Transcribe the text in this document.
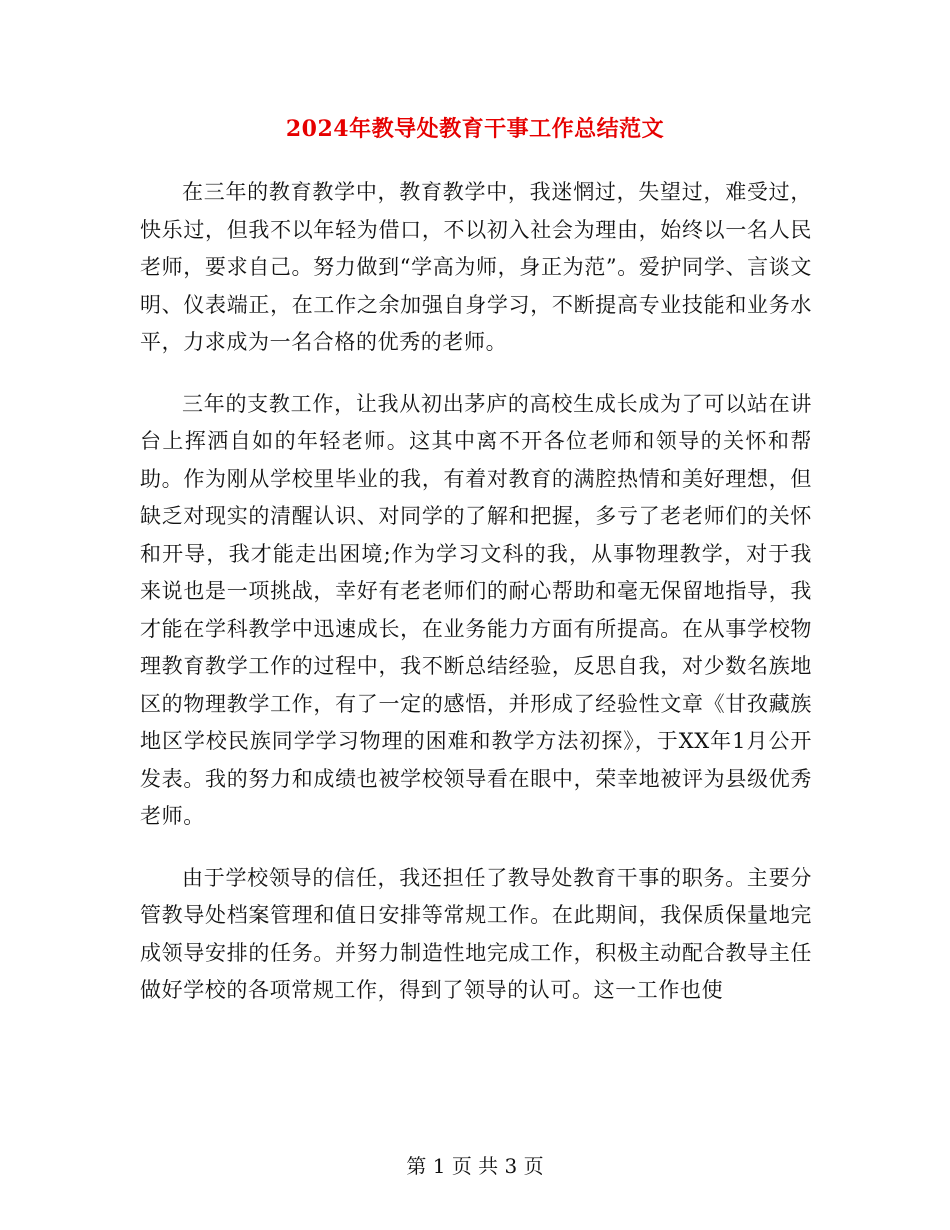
2024年教导处教育干事工作总结范文

在三年的教育教学中，教育教学中，我迷惘过，失望过，难受过，快乐过，但我不以年轻为借口，不以初入社会为理由，始终以一名人民老师，要求自己。努力做到“学高为师，身正为范”。爱护同学、言谈文明、仪表端正，在工作之余加强自身学习，不断提高专业技能和业务水平，力求成为一名合格的优秀的老师。

三年的支教工作，让我从初出茅庐的高校生成长成为了可以站在讲台上挥洒自如的年轻老师。这其中离不开各位老师和领导的关怀和帮助。作为刚从学校里毕业的我，有着对教育的满腔热情和美好理想，但缺乏对现实的清醒认识、对同学的了解和把握，多亏了老老师们的关怀和开导，我才能走出困境;作为学习文科的我，从事物理教学，对于我来说也是一项挑战，幸好有老老师们的耐心帮助和毫无保留地指导，我才能在学科教学中迅速成长，在业务能力方面有所提高。在从事学校物理教育教学工作的过程中，我不断总结经验，反思自我，对少数名族地区的物理教学工作，有了一定的感悟，并形成了经验性文章《甘孜藏族地区学校民族同学学习物理的困难和教学方法初探》，于XX年1月公开发表。我的努力和成绩也被学校领导看在眼中，荣幸地被评为县级优秀老师。

由于学校领导的信任，我还担任了教导处教育干事的职务。主要分管教导处档案管理和值日安排等常规工作。在此期间，我保质保量地完成领导安排的任务。并努力制造性地完成工作，积极主动配合教导主任做好学校的各项常规工作，得到了领导的认可。这一工作也使

第 1 页 共 3 页
